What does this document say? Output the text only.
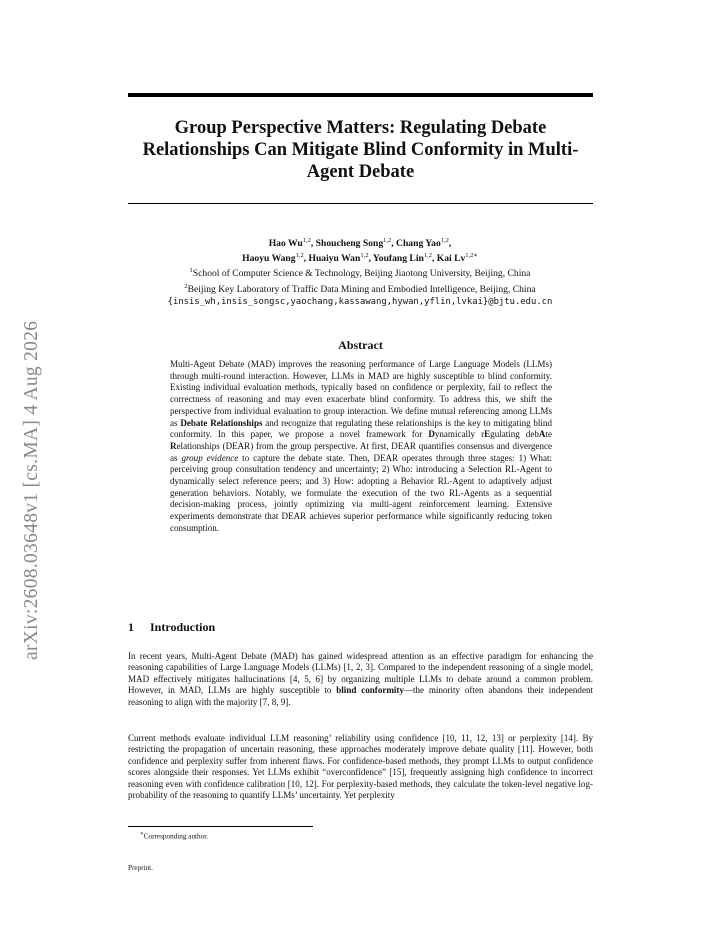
arXiv:2608.03648v1 [cs.MA] 4 Aug 2026
Group Perspective Matters: Regulating Debate Relationships Can Mitigate Blind Conformity in Multi-Agent Debate
Hao Wu$^{1,2}$, Shoucheng Song$^{1,2}$, Chang Yao$^{1,2}$,
Haoyu Wang$^{1,2}$, Huaiyu Wan$^{1,2}$, Youfang Lin$^{1,2}$, Kai $Lv^{1,2∗}$
$^1$School of Computer Science & Technology, Beijing Jiaotong University, Beijing, China
$^2$Beijing Key Laboratory of Traffic Data Mining and Embodied Intelligence, Beijing, China
{insis_wh,insis_songsc,yaochang,kassawang,hywan,yflin,lvkai}@bjtu.edu.cn
Abstract
Multi-Agent Debate (MAD) improves the reasoning performance of Large Language Models (LLMs) through multi-round interaction. However, LLMs in MAD are highly susceptible to blind conformity. Existing individual evaluation methods, typically based on confidence or perplexity, fail to reflect the correctness of reasoning and may even exacerbate blind conformity. To address this, we shift the perspective from individual evaluation to group interaction. We define mutual referencing among LLMs as Debate Relationships and recognize that regulating these relationships is the key to mitigating blind conformity. In this paper, we propose a novel framework for Dynamically rEgulating debAte Relationships (DEAR) from the group perspective. At first, DEAR quantifies consensus and divergence as group evidence to capture the debate state. Then, DEAR operates through three stages: 1) What: perceiving group consultation tendency and uncertainty; 2) Who: introducing a Selection RL-Agent to dynamically select reference peers; and 3) How: adopting a Behavior RL-Agent to adaptively adjust generation behaviors. Notably, we formulate the execution of the two RL-Agents as a sequential decision-making process, jointly optimizing via multi-agent reinforcement learning. Extensive experiments demonstrate that DEAR achieves superior performance while significantly reducing token consumption.
1 Introduction
In recent years, Multi-Agent Debate (MAD) has gained widespread attention as an effective paradigm for enhancing the reasoning capabilities of Large Language Models (LLMs) [1, 2, 3]. Compared to the independent reasoning of a single model, MAD effectively mitigates hallucinations [4, 5, 6] by organizing multiple LLMs to debate around a common problem. However, in MAD, LLMs are highly susceptible to blind conformity—the minority often abandons their independent reasoning to align with the majority [7, 8, 9].
Current methods evaluate individual LLM reasoning’ reliability using confidence [10, 11, 12, 13] or perplexity [14]. By restricting the propagation of uncertain reasoning, these approaches moderately improve debate quality [11]. However, both confidence and perplexity suffer from inherent flaws. For confidence-based methods, they prompt LLMs to output confidence scores alongside their responses. Yet LLMs exhibit “overconfidence” [15], frequently assigning high confidence to incorrect reasoning even with confidence calibration [10, 12]. For perplexity-based methods, they calculate the token-level negative log-probability of the reasoning to quantify LLMs’ uncertainty. Yet perplexity
∗Corresponding author.
Preprint.
